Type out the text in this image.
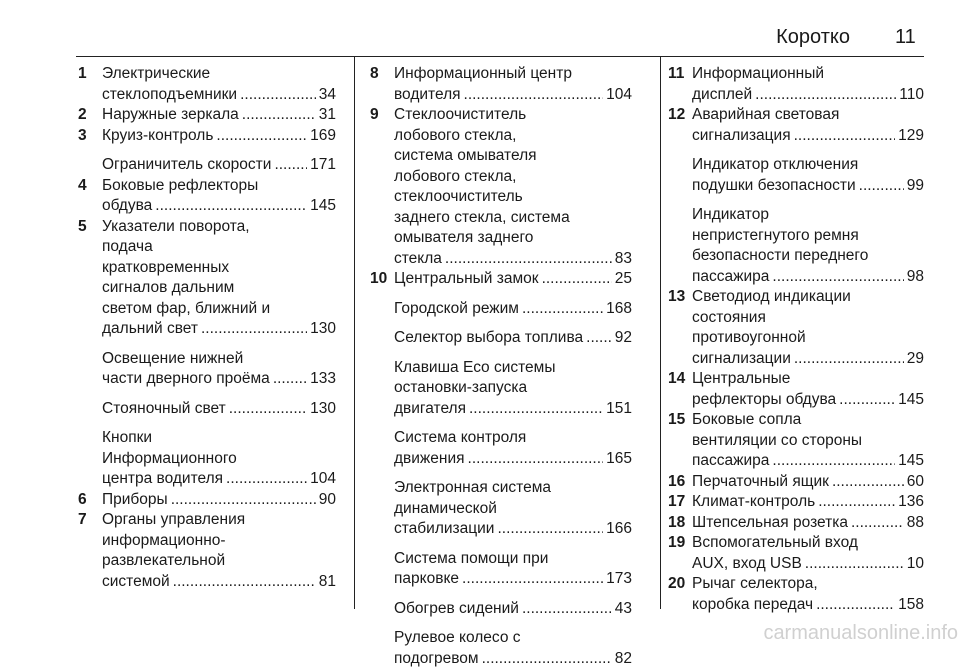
Коротко 11
1 Электрические
стеклоподъемники .....	34
2 Наружные зеркала .....	31
3 Круиз-контроль .....	169
Ограничитель скорости ..... 171
4 Боковые рефлекторы
обдува .....	145
5 Указатели поворота,
подача
кратковременных
сигналов дальним
светом фар, ближний и
дальний свет .....	130
Освещение нижней
части дверного проёма .....	133
Стояночный свет .....	130
Кнопки
Информационного
центра водителя .....	104
6 Приборы .....	90
7 Органы управления
информационно-
развлекательной
системой .....	81
8 Информационный центр
водителя .....	104
9 Стеклоочиститель
лобового стекла,
система омывателя
лобового стекла,
стеклоочиститель
заднего стекла, система
омывателя заднего
стекла .....	83
10 Центральный замок .....	25
Городской режим .....	168
Селектор выбора топлива ..... 92
Клавиша Eco системы
остановки-запуска
двигателя .....	151
Система контроля
движения .....	165
Электронная система
динамической
стабилизации .....	166
Система помощи при
парковке .....	173
Обогрев сидений .....	43
Рулевое колесо с
подогревом .....	82
11 Информационный
дисплей .....	110
12 Аварийная световая
сигнализация .....	129
Индикатор отключения
подушки безопасности .....	99
Индикатор
непристегнутого ремня
безопасности переднего
пассажира .....	98
13 Светодиод индикации
состояния
противоугонной
сигнализации .....	29
14 Центральные
рефлекторы обдува .....	145
15 Боковые сопла
вентиляции со стороны
пассажира .....	145
16 Перчаточный ящик .....	60
17 Климат-контроль .....	136
18 Штепсельная розетка .....	88
19 Вспомогательный вход
AUX, вход USB .....	10
20 Рычаг селектора,
коробка передач .....	158
carmanualsonline.info
